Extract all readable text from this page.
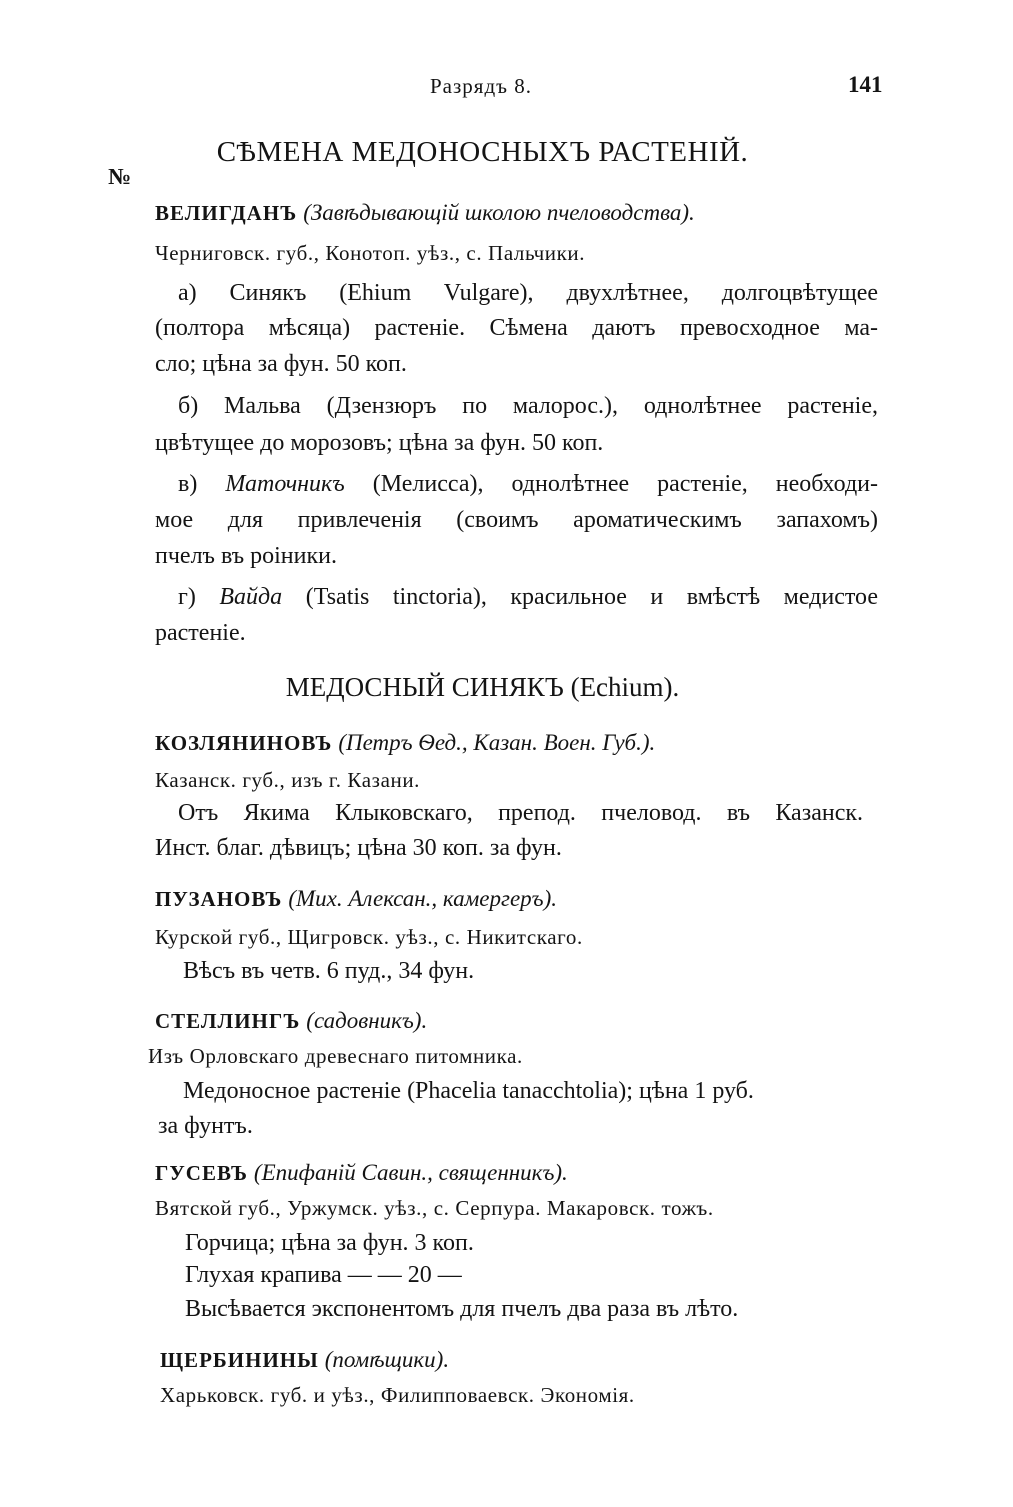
Разрядъ 8.	141
№
СѢМЕНА МЕДОНОСНЫХЪ РАСТЕНІЙ.
ВЕЛИГДАНЪ (Завѣдывающій школою пчеловодства).
Черниговск. губ., Конотоп. уѣз., с. Пальчики.
а) Синякъ (Ehium Vulgare), двухлѣтнее, долгоцвѣтущее
(полтора мѣсяца) растеніе. Сѣмена даютъ превосходное ма-
сло; цѣна за фун. 50 коп.
б) Мальва (Дзензюръ по малорос.), однолѣтнее растеніе,
цвѣтущее до морозовъ; цѣна за фун. 50 коп.
в) Маточникъ (Мелисса), однолѣтнее растеніе, необходи-
мое для привлеченія (своимъ ароматическимъ запахомъ)
пчелъ въ роіники.
г) Вайда (Tsatis tinctoria), красильное и вмѣстѣ медистое
растеніе.
МЕДОСНЫЙ СИНЯКЪ (Echium).
КОЗЛЯНИНОВЪ (Петръ Ѳед., Казан. Воен. Губ.).
Казанск. губ., изъ г. Казани.
Отъ Якима Клыковскаго, препод. пчеловод. въ Казанск.
Инст. благ. дѣвицъ; цѣна 30 коп. за фун.
ПУЗАНОВЪ (Мих. Алексан., камергеръ).
Курской губ., Щигровск. уѣз., с. Никитскаго.
Вѣсъ въ четв. 6 пуд., 34 фун.
СТЕЛЛИНГЪ (садовникъ).
Изъ Орловскаго древеснаго питомника.
Медоносное растеніе (Phacelia tanacchtolia); цѣна 1 руб.
за фунтъ.
ГУСЕВЪ (Епифаній Савин., священникъ).
Вятской губ., Уржумск. уѣз., с. Серпура. Макаровск. тожъ.
Горчица; цѣна за фун. 3 коп.
Глухая крапива — — 20 —
Высѣвается экспонентомъ для пчелъ два раза въ лѣто.
ЩЕРБИНИНЫ (помѣщики).
Харьковск. губ. и уѣз., Филипповаевск. Экономія.
